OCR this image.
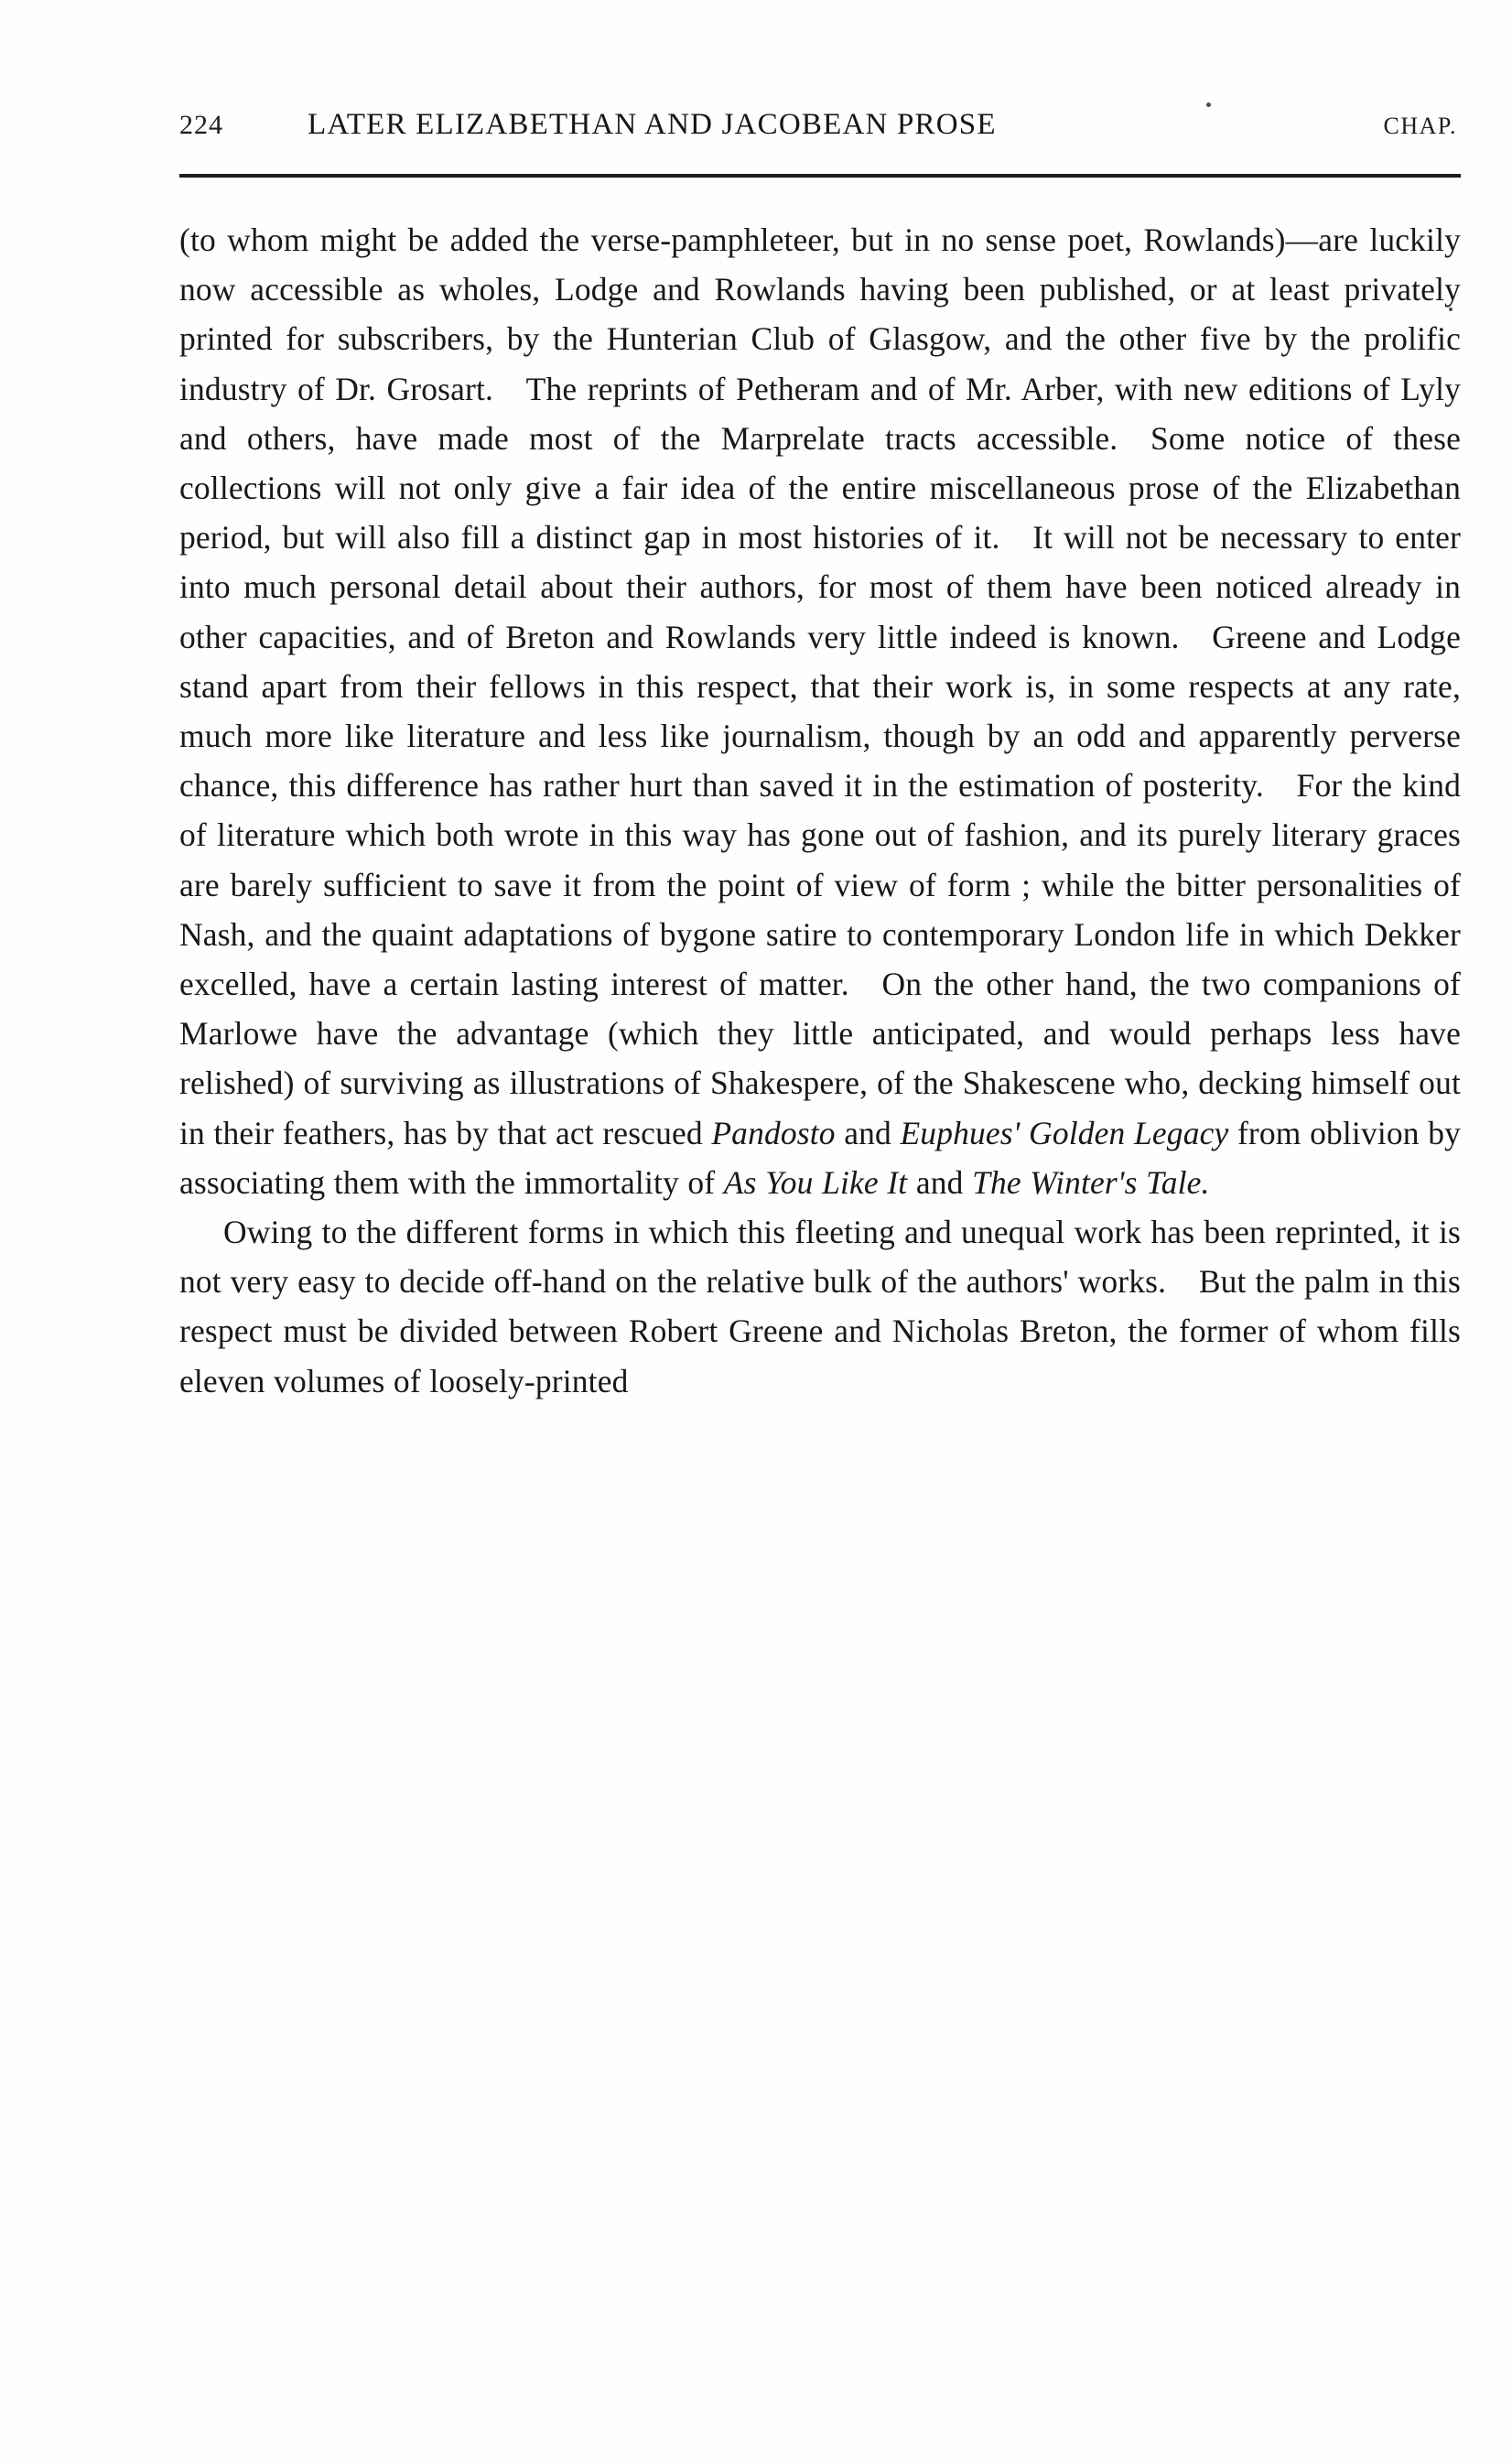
224	LATER ELIZABETHAN AND JACOBEAN PROSE	CHAP.

(to whom might be added the verse-pamphleteer, but in no sense poet, Rowlands)—are luckily now accessible as wholes, Lodge and Rowlands having been published, or at least privately printed for subscribers, by the Hunterian Club of Glasgow, and the other five by the prolific industry of Dr. Grosart. The reprints of Petheram and of Mr. Arber, with new editions of Lyly and others, have made most of the Marprelate tracts accessible. Some notice of these collections will not only give a fair idea of the entire miscellaneous prose of the Elizabethan period, but will also fill a distinct gap in most histories of it. It will not be necessary to enter into much personal detail about their authors, for most of them have been noticed already in other capacities, and of Breton and Rowlands very little indeed is known. Greene and Lodge stand apart from their fellows in this respect, that their work is, in some respects at any rate, much more like literature and less like journalism, though by an odd and apparently perverse chance, this difference has rather hurt than saved it in the estimation of posterity. For the kind of literature which both wrote in this way has gone out of fashion, and its purely literary graces are barely sufficient to save it from the point of view of form ; while the bitter personalities of Nash, and the quaint adaptations of bygone satire to contemporary London life in which Dekker excelled, have a certain lasting interest of matter. On the other hand, the two companions of Marlowe have the advantage (which they little anticipated, and would perhaps less have relished) of surviving as illustrations of Shakespere, of the Shakescene who, decking himself out in their feathers, has by that act rescued Pandosto and Euphues' Golden Legacy from oblivion by associating them with the immortality of As You Like It and The Winter's Tale.

Owing to the different forms in which this fleeting and unequal work has been reprinted, it is not very easy to decide off-hand on the relative bulk of the authors' works. But the palm in this respect must be divided between Robert Greene and Nicholas Breton, the former of whom fills eleven volumes of loosely-printed
